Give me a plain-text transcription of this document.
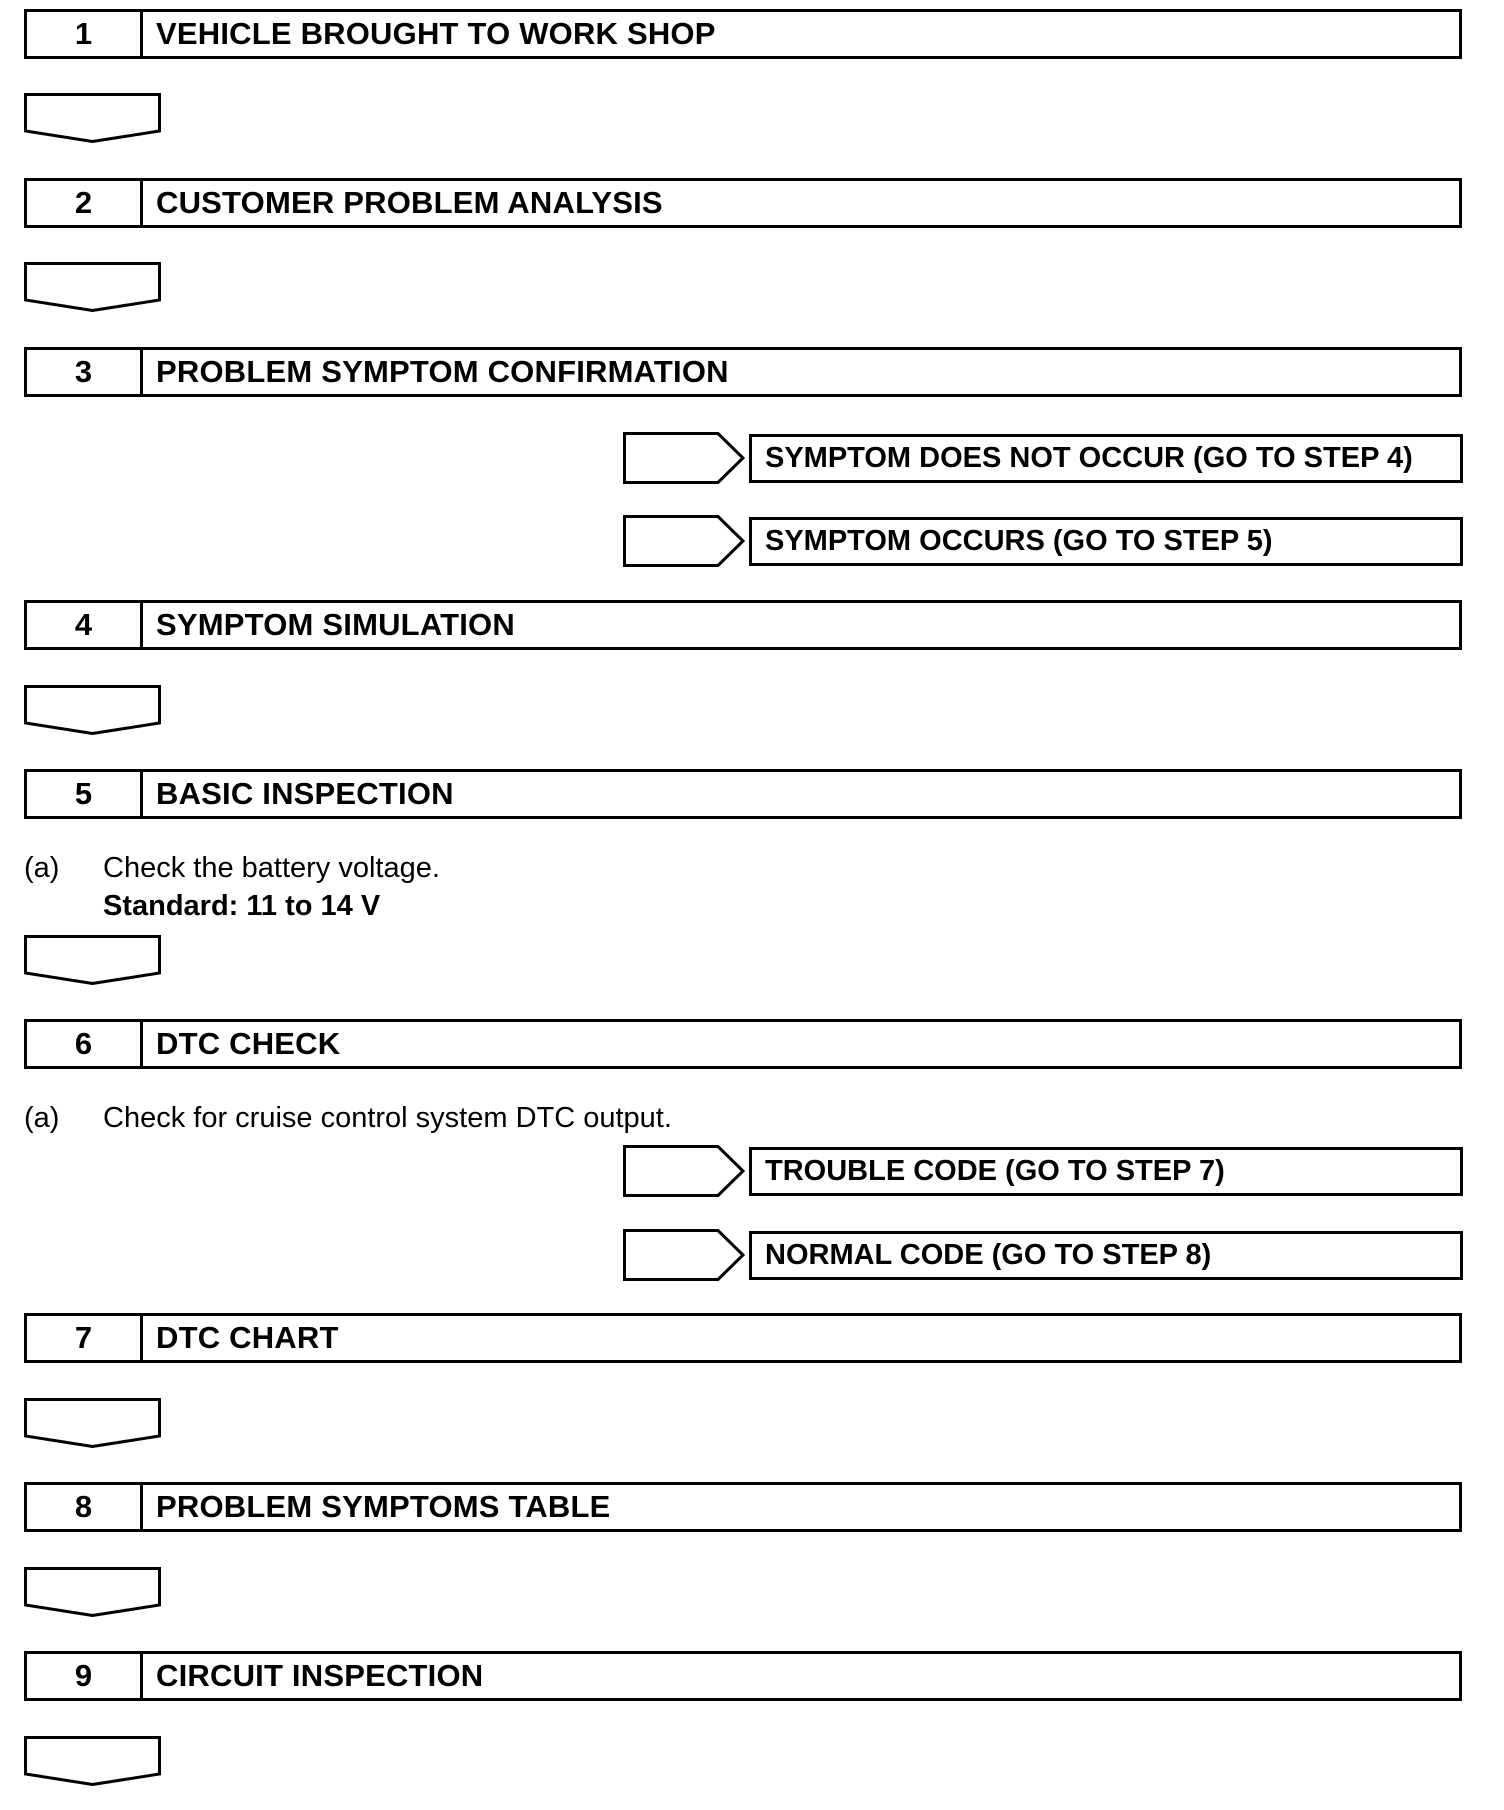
1	VEHICLE BROUGHT TO WORK SHOP
2	CUSTOMER PROBLEM ANALYSIS
3	PROBLEM SYMPTOM CONFIRMATION
SYMPTOM DOES NOT OCCUR (GO TO STEP 4)
SYMPTOM OCCURS (GO TO STEP 5)
4	SYMPTOM SIMULATION
5	BASIC INSPECTION
(a) Check the battery voltage.
Standard: 11 to 14 V
6	DTC CHECK
(a) Check for cruise control system DTC output.
TROUBLE CODE (GO TO STEP 7)
NORMAL CODE (GO TO STEP 8)
7	DTC CHART
8	PROBLEM SYMPTOMS TABLE
9	CIRCUIT INSPECTION
